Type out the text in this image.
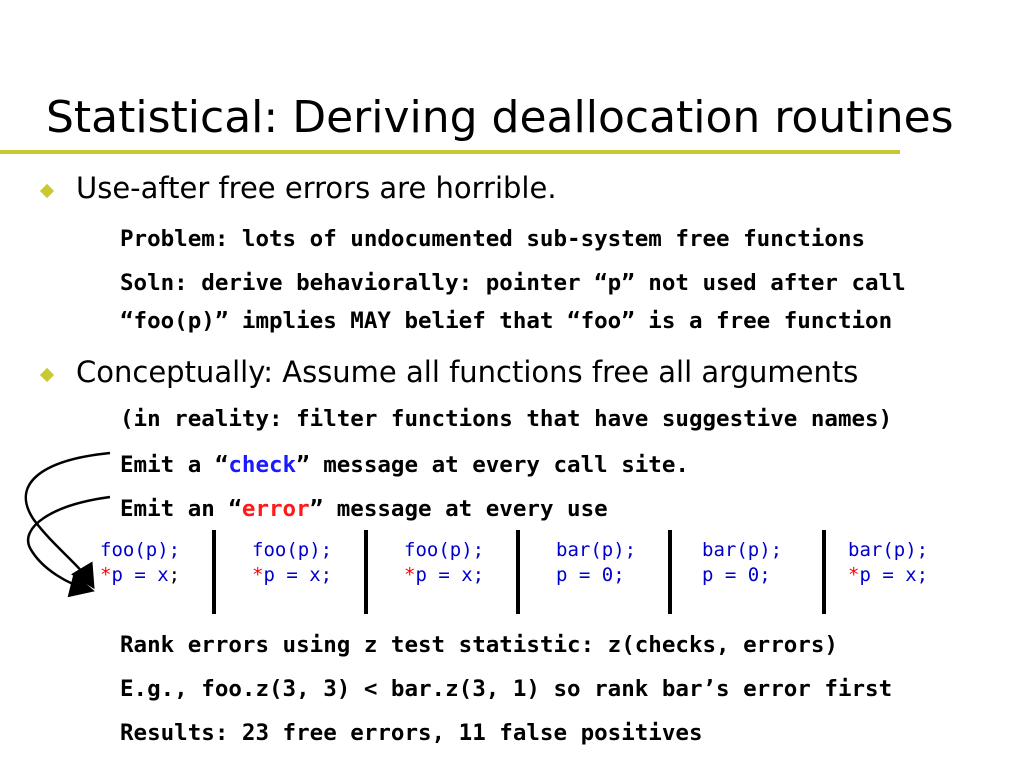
Statistical: Deriving deallocation routines
Use-after free errors are horrible.
Problem: lots of undocumented sub-system free functions
Soln: derive behaviorally: pointer “p” not used after call
“foo(p)” implies MAY belief that “foo” is a free function
Conceptually: Assume all functions free all arguments
(in reality: filter functions that have suggestive names)
Emit a “check” message at every call site.
Emit an “error” message at every use
foo(p);
*p = x;
foo(p);
*p = x;
foo(p);
*p = x;
bar(p);
p = 0;
bar(p);
p = 0;
bar(p);
*p = x;
Rank errors using z test statistic: z(checks, errors)
E.g., foo.z(3, 3) < bar.z(3, 1) so rank bar’s error first
Results: 23 free errors, 11 false positives
